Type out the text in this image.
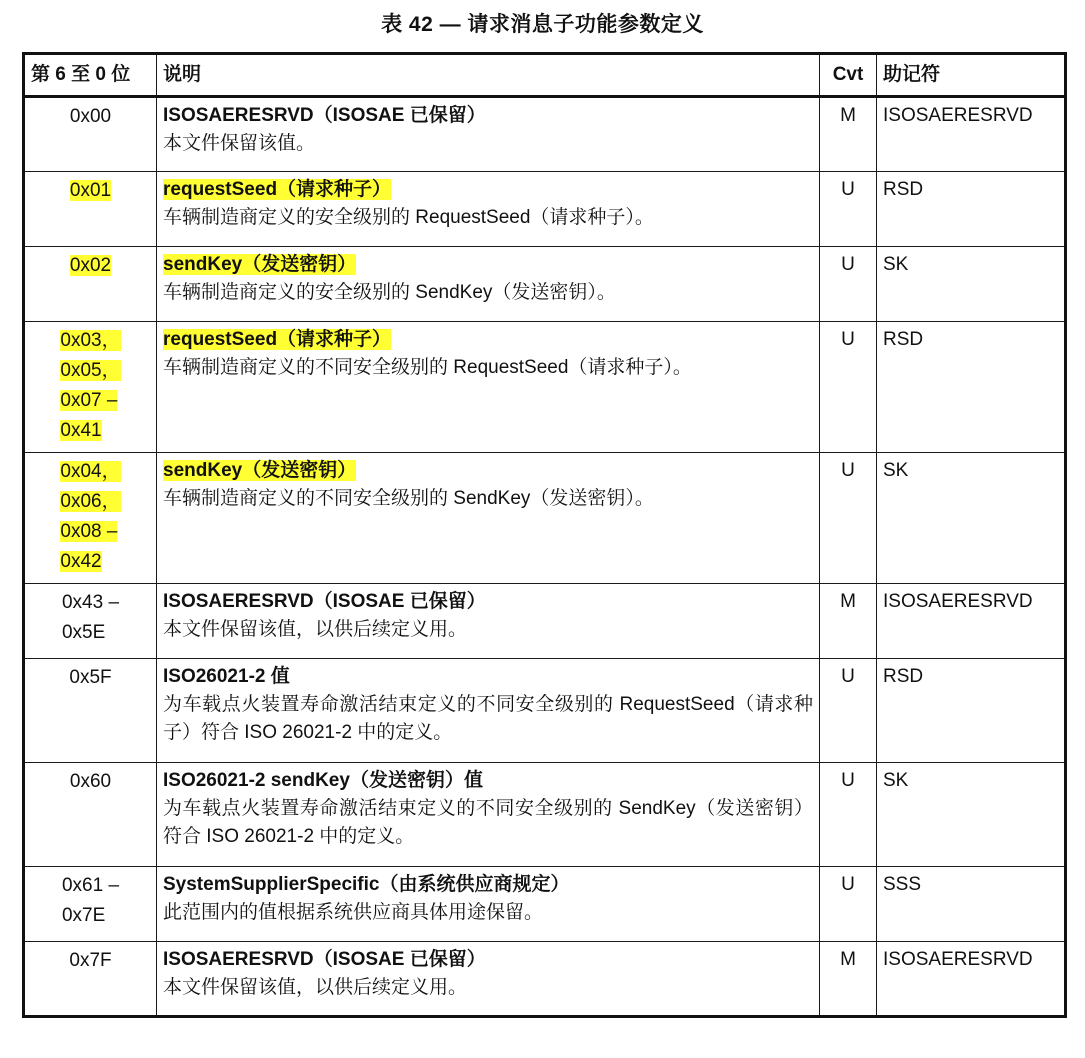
表 42 — 请求消息子功能参数定义
第 6 至 0 位	说明	Cvt	助记符

0x00	ISOSAERESRVD（ISOSAE 已保留）
本文件保留该值。	M	ISOSAERESRVD

0x01	requestSeed（请求种子）
车辆制造商定义的安全级别的 RequestSeed（请求种子）。	U	RSD

0x02	sendKey（发送密钥）
车辆制造商定义的安全级别的 SendKey（发送密钥）。	U	SK

0x03，
0x05，
0x07 –
0x41	requestSeed（请求种子）
车辆制造商定义的不同安全级别的 RequestSeed（请求种子）。	U	RSD

0x04，
0x06，
0x08 –
0x42	sendKey（发送密钥）
车辆制造商定义的不同安全级别的 SendKey（发送密钥）。	U	SK

0x43 –
0x5E	ISOSAERESRVD（ISOSAE 已保留）
本文件保留该值，以供后续定义用。	M	ISOSAERESRVD

0x5F	ISO26021-2 值
为车载点火装置寿命激活结束定义的不同安全级别的 RequestSeed（请求种子）符合 ISO 26021-2 中的定义。	U	RSD

0x60	ISO26021-2 sendKey（发送密钥）值
为车载点火装置寿命激活结束定义的不同安全级别的 SendKey（发送密钥）符合 ISO 26021-2 中的定义。	U	SK

0x61 –
0x7E	SystemSupplierSpecific（由系统供应商规定）
此范围内的值根据系统供应商具体用途保留。	U	SSS

0x7F	ISOSAERESRVD（ISOSAE 已保留）
本文件保留该值，以供后续定义用。	M	ISOSAERESRVD
